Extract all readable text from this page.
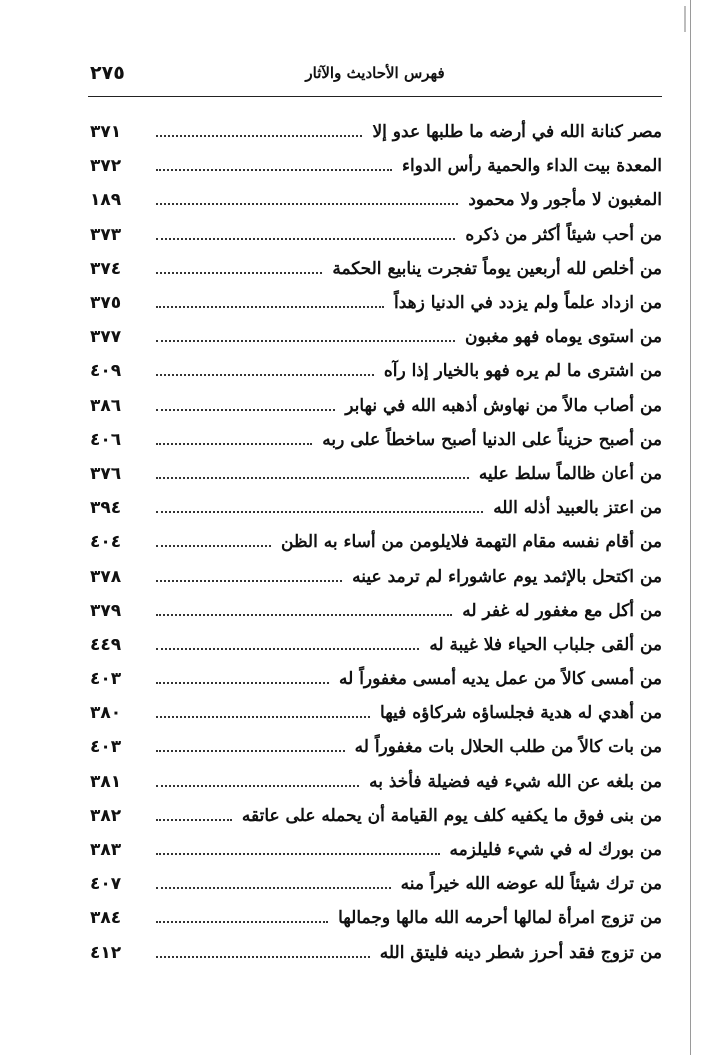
٢٧٥	فهرس الأحاديث والآثار
مصر كنانة الله في أرضه ما طلبها عدو إلا
٣٧١
المعدة بيت الداء والحمية رأس الدواء
٣٧٢
المغبون لا مأجور ولا محمود
١٨٩
من أحب شيئاً أكثر من ذكره
٣٧٣
من أخلص لله أربعين يوماً تفجرت ينابيع الحكمة
٣٧٤
من ازداد علماً ولم يزدد في الدنيا زهداً
٣٧٥
من استوى يوماه فهو مغبون
٣٧٧
من اشترى ما لم يره فهو بالخيار إذا رآه
٤٠٩
من أصاب مالاً من نهاوش أذهبه الله في نهابر
٣٨٦
من أصبح حزيناً على الدنيا أصبح ساخطاً على ربه
٤٠٦
من أعان ظالماً سلط عليه
٣٧٦
من اعتز بالعبيد أذله الله
٣٩٤
من أقام نفسه مقام التهمة فلايلومن من أساء به الظن
٤٠٤
من اكتحل بالإثمد يوم عاشوراء لم ترمد عينه
٣٧٨
من أكل مع مغفور له غفر له
٣٧٩
من ألقى جلباب الحياء فلا غيبة له
٤٤٩
من أمسى كالاً من عمل يديه أمسى مغفوراً له
٤٠٣
من أهدي له هدية فجلساؤه شركاؤه فيها
٣٨٠
من بات كالاً من طلب الحلال بات مغفوراً له
٤٠٣
من بلغه عن الله شيء فيه فضيلة فأخذ به
٣٨١
من بنى فوق ما يكفيه كلف يوم القيامة أن يحمله على عاتقه
٣٨٢
من بورك له في شيء فليلزمه
٣٨٣
من ترك شيئاً لله عوضه الله خيراً منه
٤٠٧
من تزوج امرأة لمالها أحرمه الله مالها وجمالها
٣٨٤
من تزوج فقد أحرز شطر دينه فليتق الله
٤١٢
